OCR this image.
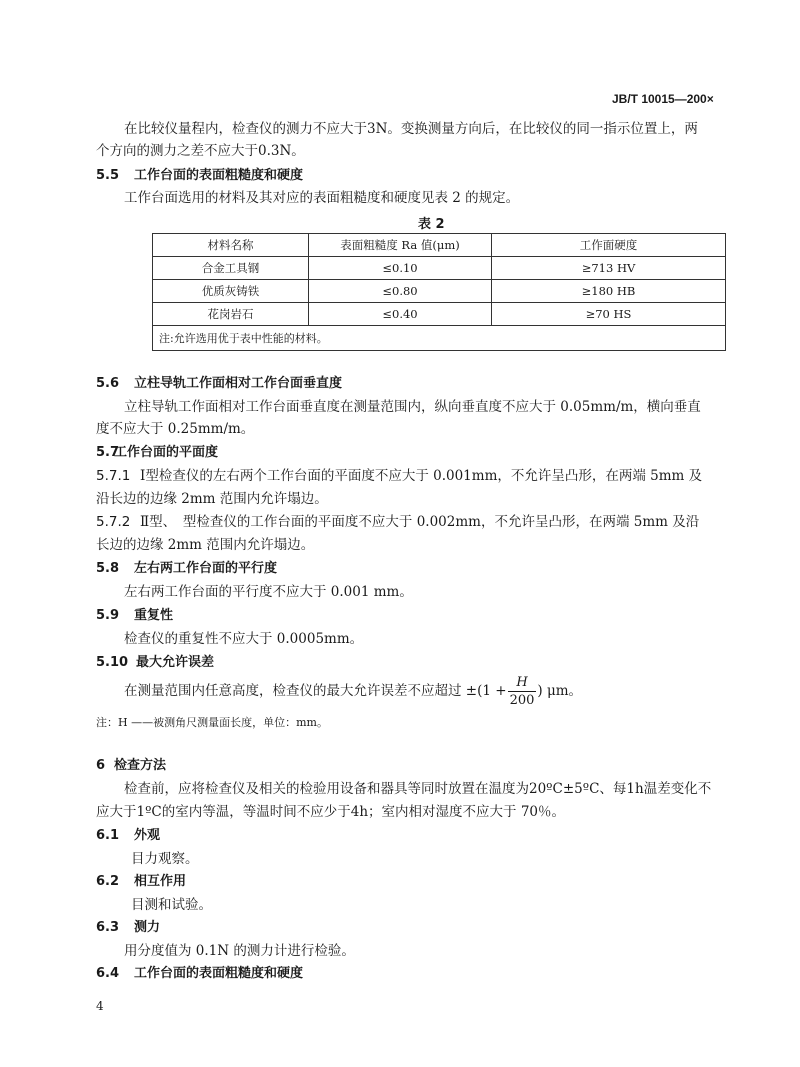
JB/T 10015—200×
在比较仪量程内，检查仪的测力不应大于3N。变换测量方向后，在比较仪的同一指示位置上，两
个方向的测力之差不应大于0.3N。
5.5 工作台面的表面粗糙度和硬度
工作台面选用的材料及其对应的表面粗糙度和硬度见表 2 的规定。
表 2
材料名称	表面粗糙度 Ra 值(μm)	工作面硬度
合金工具钢	≤0.10	≥713 HV
优质灰铸铁	≤0.80	≥180 HB
花岗岩石	≤0.40	≥70 HS
注:允许选用优于表中性能的材料。		
5.6 立柱导轨工作面相对工作台面垂直度
立柱导轨工作面相对工作台面垂直度在测量范围内，纵向垂直度不应大于 0.05mm/m，横向垂直
度不应大于 0.25mm/m。
5.7工作台面的平面度
5.7.1 Ⅰ型检查仪的左右两个工作台面的平面度不应大于 0.001mm，不允许呈凸形，在两端 5mm 及
沿长边的边缘 2mm 范围内允许塌边。
5.7.2 Ⅱ型、　型检查仪的工作台面的平面度不应大于 0.002mm，不允许呈凸形，在两端 5mm 及沿
长边的边缘 2mm 范围内允许塌边。
5.8 左右两工作台面的平行度
左右两工作台面的平行度不应大于 0.001 mm。
5.9 重复性
检查仪的重复性不应大于 0.0005mm。
5.10 最大允许误差
在测量范围内任意高度，检查仪的最大允许误差不应超过 $\pm(1 + \frac{H}{200}$ ) μm。
注：H ——被测角尺测量面长度，单位：mm。
6 检查方法
检查前，应将检查仪及相关的检验用设备和器具等同时放置在温度为20ºC±5ºC、每1h温差变化不
应大于1ºC的室内等温，等温时间不应少于4h；室内相对湿度不应大于 70％。
6.1 外观
目力观察。
6.2 相互作用
目测和试验。
6.3 测力
用分度值为 0.1N 的测力计进行检验。
6.4 工作台面的表面粗糙度和硬度
4
